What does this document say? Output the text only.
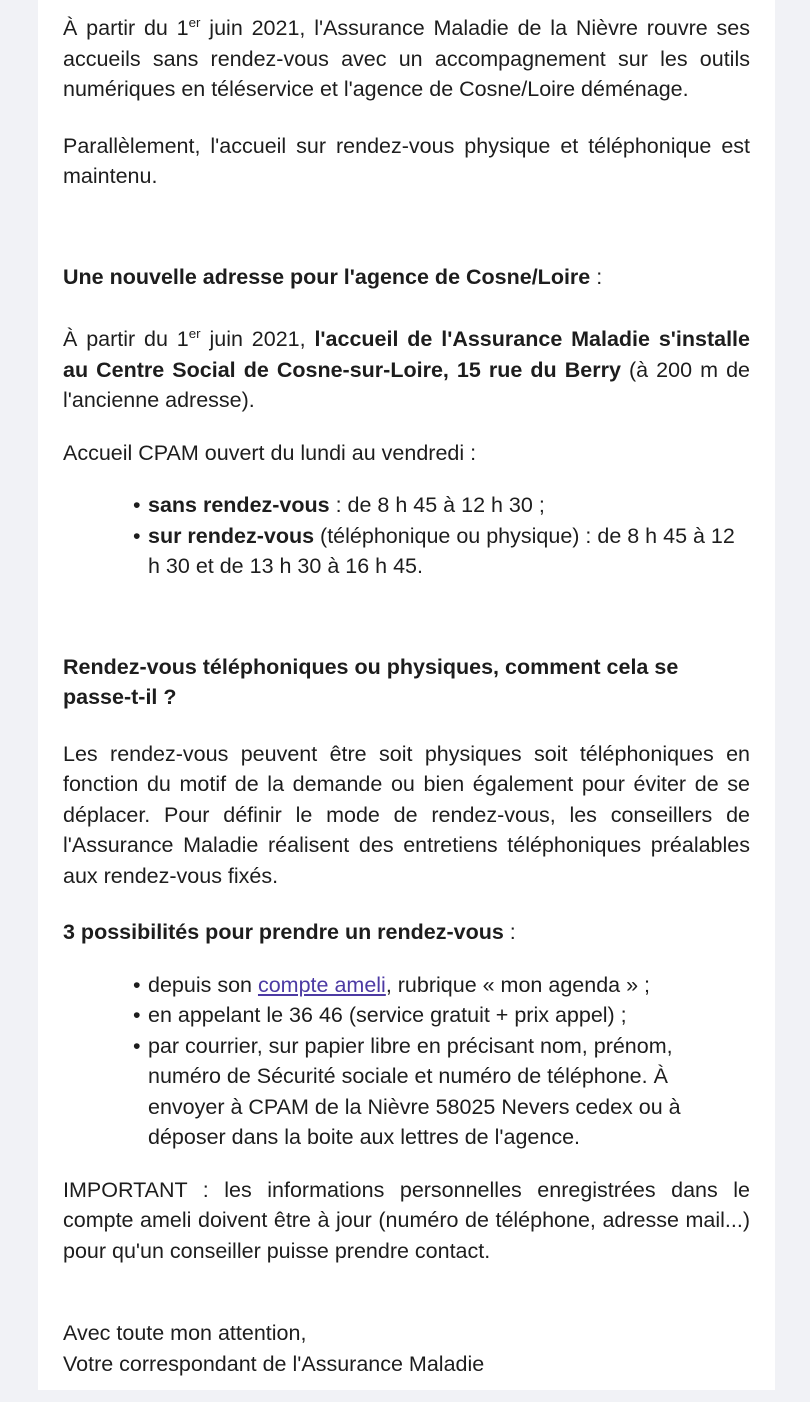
À partir du 1er juin 2021, l'Assurance Maladie de la Nièvre rouvre ses accueils sans rendez-vous avec un accompagnement sur les outils numériques en téléservice et l'agence de Cosne/Loire déménage.

Parallèlement, l'accueil sur rendez-vous physique et téléphonique est maintenu.

Une nouvelle adresse pour l'agence de Cosne/Loire :

À partir du 1er juin 2021, l'accueil de l'Assurance Maladie s'installe au Centre Social de Cosne-sur-Loire, 15 rue du Berry (à 200 m de l'ancienne adresse).

Accueil CPAM ouvert du lundi au vendredi :

• sans rendez-vous : de 8 h 45 à 12 h 30 ;
• sur rendez-vous (téléphonique ou physique) : de 8 h 45 à 12 h 30 et de 13 h 30 à 16 h 45.
Rendez-vous téléphoniques ou physiques, comment cela se passe-t-il ?

Les rendez-vous peuvent être soit physiques soit téléphoniques en fonction du motif de la demande ou bien également pour éviter de se déplacer. Pour définir le mode de rendez-vous, les conseillers de l'Assurance Maladie réalisent des entretiens téléphoniques préalables aux rendez-vous fixés.

3 possibilités pour prendre un rendez-vous :
• depuis son compte ameli, rubrique « mon agenda » ;
• en appelant le 36 46 (service gratuit + prix appel) ;
• par courrier, sur papier libre en précisant nom, prénom, numéro de Sécurité sociale et numéro de téléphone. À envoyer à CPAM de la Nièvre 58025 Nevers cedex ou à déposer dans la boite aux lettres de l'agence.

IMPORTANT : les informations personnelles enregistrées dans le compte ameli doivent être à jour (numéro de téléphone, adresse mail...) pour qu'un conseiller puisse prendre contact.

Avec toute mon attention,

Votre correspondant de l'Assurance Maladie
